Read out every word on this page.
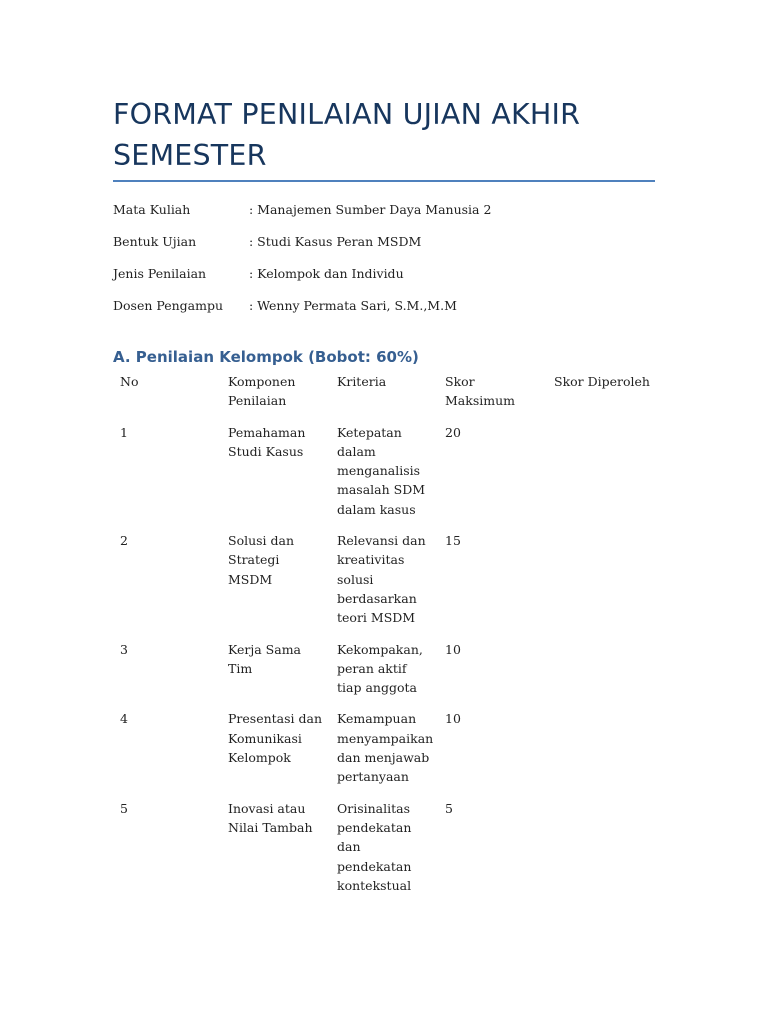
FORMAT PENILAIAN UJIAN AKHIR SEMESTER
Mata Kuliah	: Manajemen Sumber Daya Manusia 2
Bentuk Ujian	: Studi Kasus Peran MSDM
Jenis Penilaian	: Kelompok dan Individu
Dosen Pengampu	: Wenny Permata Sari, S.M.,M.M
A. Penilaian Kelompok (Bobot: 60%)
No	Komponen Penilaian	Kriteria	Skor Maksimum	Skor Diperoleh
1	Pemahaman Studi Kasus	Ketepatan dalam menganalisis masalah SDM dalam kasus	20	
2	Solusi dan Strategi MSDM	Relevansi dan kreativitas solusi berdasarkan teori MSDM	15	
3	Kerja Sama Tim	Kekompakan, peran aktif tiap anggota	10	
4	Presentasi dan Komunikasi Kelompok	Kemampuan menyampaikan dan menjawab pertanyaan	10	
5	Inovasi atau Nilai Tambah	Orisinalitas pendekatan dan pendekatan kontekstual	5	
